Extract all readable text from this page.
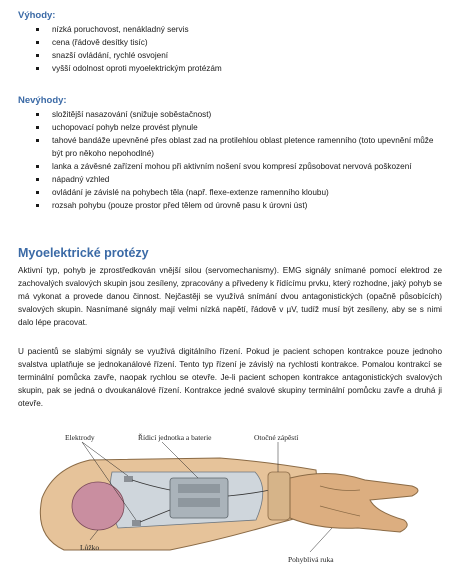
Výhody:
nízká poruchovost, nenákladný servis
cena (řádově desítky tisíc)
snazší ovládání, rychlé osvojení
vyšší odolnost oproti myoelektrickým protézám
Nevýhody:
složitější nasazování (snižuje soběstačnost)
uchopovací pohyb nelze provést plynule
tahové bandáže upevněné přes oblast zad na protilehlou oblast pletence ramenního (toto upevnění může být pro někoho nepohodlné)
lanka a závěsné zařízení mohou při aktivním nošení svou kompresí způsobovat nervová poškození
nápadný vzhled
ovládání je závislé na pohybech těla (např. flexe-extenze ramenního kloubu)
rozsah pohybu (pouze prostor před tělem od úrovně pasu k úrovni úst)
Myoelektrické protézy

Aktivní typ, pohyb je zprostředkován vnější silou (servomechanismy). EMG signály snímané pomocí elektrod ze zachovalých svalových skupin jsou zesíleny, zpracovány a přivedeny k řídícímu prvku, který rozhodne, jaký pohyb se má vykonat a provede danou činnost. Nejčastěji se využívá snímání dvou antagonistických (opačně působících) svalových skupin. Nasnímané signály mají velmi nízká napětí, řádově v µV, tudíž musí být zesíleny, aby se s nimi dalo lépe pracovat.

U pacientů se slabými signály se využívá digitálního řízení. Pokud je pacient schopen kontrakce pouze jednoho svalstva uplatňuje se jednokanálové řízení. Tento typ řízení je závislý na rychlosti kontrakce. Pomalou kontrakcí se terminální pomůcka zavře, naopak rychlou se otevře. Je-li pacient schopen kontrakce antagonistických svalových skupin, pak se jedná o dvoukanálové řízení. Kontrakce jedné svalové skupiny terminální pomůcku zavře a druhá ji otevře.

Elektrody	Řídicí jednotka a baterie	Otočné zápěstí
Lůžko
Pohyblivá ruka
